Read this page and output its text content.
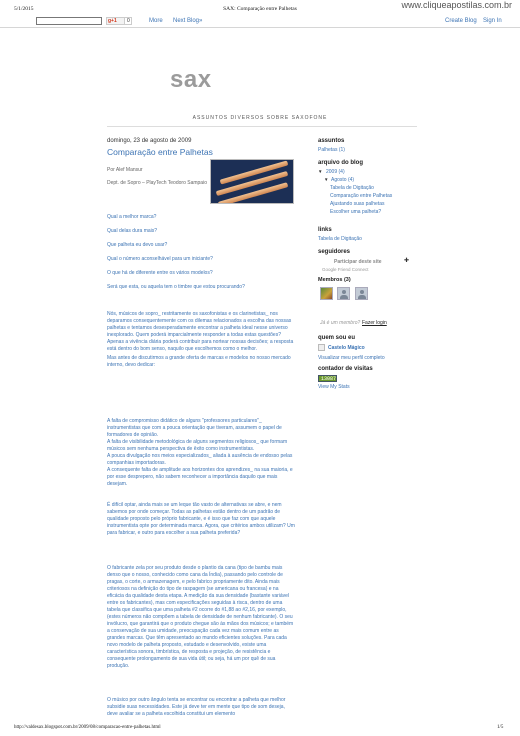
5/1/2015	SAX: Comparação entre Palhetas	www.cliqueapostilas.com.br
g+1 0	More Next Blog»	Create Blog Sign In
sax
ASSUNTOS DIVERSOS SOBRE SAXOFONE
domingo, 23 de agosto de 2009
Comparação entre Palhetas
Por Alef Mansur
Dept. de Sopro – PlayTech Teodoro Sampaio
Qual a melhor marca?
Qual delas dura mais?
Que palheta eu devo usar?
Qual o número aconselhável para um iniciante?
O que há de diferente entre os vários modelos?
Será que esta, ou aquela tem o timbre que estou procurando?
Nós, músicos de sopro_ restritamente os saxofonistas e os clarinetistas_ nos deparamos consequentemente com os dilemas relacionados a escolha das nossas palhetas e tentamos desesperadamente encontrar a palheta ideal nesse universo inexplorado. Quem poderá imparcialmente responder a todas estas questões? Apenas a vivência diária poderá contribuir para nortear nossas decisões; a resposta está dentro do bom senso, naquilo que escolhemos como o melhor.
Mas antes de discutirmos a grande oferta de marcas e modelos no nosso mercado interno, devo dedicar:
A falta de compromisso didático de alguns "professores particulares"_ instrumentistas que com a pouca orientação que tiveram, assumem o papel de formadores de opinião.
A falta de visibilidade metodológica de alguns segmentos religiosos_ que formam músicos sem nenhuma perspectiva de êxito como instrumentistas.
A pouca divulgação nos meios especializados_ aliada à ausência de endosso pelas companhias importadoras.
A consequente falta de amplitude aos horizontes dos aprendizes_ na sua maioria, e por esse desprepero, não sabem reconhecer a importância daquilo que mais desejam.
É difícil optar, ainda mais se um leque tão vasto de alternativas se abre, e nem sabemos por onde começar. Todas as palhetas estão dentro de um padrão de qualidade proposto pelo próprio fabricante, e é isso que faz com que aquele instrumentista opte por determinada marca. Agora, que critérios ambos utilizam? Um para fabricar, e outro para escolher a sua palheta preferida?
O fabricante zela por seu produto desde o plantio da cana (tipo de bambu mais denso que o nosso, conhecido como cana da Índia), passando pelo controle de pragas, o corte, o armazenagem, e pelo fabrico propriamente dito. Ainda mais criteriosos na definição do tipo de raspagem (se americana ou francesa) e na eficácia da qualidade desta etapa. A medição da sua densidade (bastante variável entre os fabricantes), mas com especificações seguidas à risca, dentro de uma tabela que classifica que uma palheta #2 ocorre do #1,88 ao #2,16, por exemplo, (estes números não compõem a tabela de densidade de nenhum fabricante). O seu invólucro, que garantirá que o produto chegue são às mãos dos músicos; e também a conservação de sua umidade, preocupação cada vez mais comum entre as grandes marcas. Que têm apresentado ao mundo eficientes soluções. Para cada novo modelo de palheta proposto, estudado e desenvolvido, existe uma característica sonora, timbrística, de resposta e projeção, de resistência e consequente prolongamento de sua vida útil; ou seja, há um por quê de sua produção.
O músico por outro ângulo tenta se encontrar ou encontrar a palheta que melhor subsidie suas necessidades. Este já deve ter em mente que tipo de som deseja, deve avaliar se a palheta escolhida constitui um elemento
assuntos
Palhetas (1)
arquivo do blog
▼ 2009 (4)
▼ Agosto (4)
Tabela de Digitação
Comparação entre Palhetas
Ajustando suas palhetas
Escolher uma palheta?
links
Tabela de Digitação
seguidores
Participar deste site	✚
Google Friend Connect
Membros (3)
Já é um membro? Fazer login
quem sou eu
Castelo Mágico
Visualizar meu perfil completo
contador de visitas
13087
View My Stats
http://valdesax.blogspot.com.br/2009/08/comparacao-entre-palhetas.html	1/5
